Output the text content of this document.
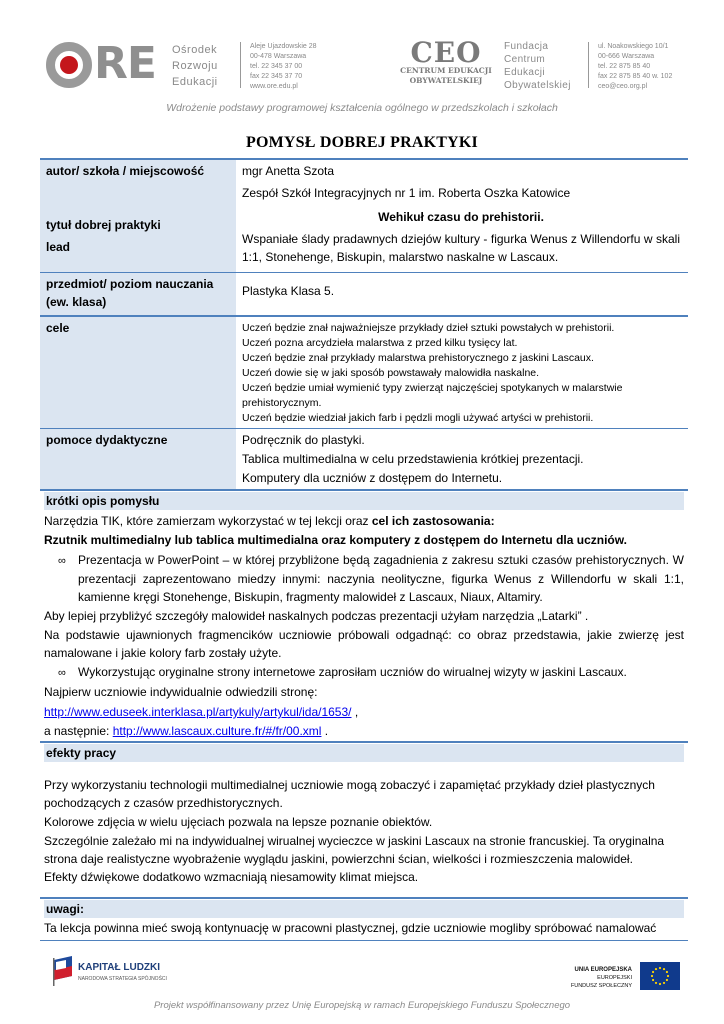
RE Ośrodek
Rozwoju
Edukacji
Aleje Ujazdowskie 28
00-478 Warszawa
tel. 22 345 37 00
fax 22 345 37 70
www.ore.edu.pl
CEO
CENTRUM EDUKACJI
OBYWATELSKIEJ
Fundacja
Centrum
Edukacji
Obywatelskiej
ul. Noakowskiego 10/1
00-666 Warszawa
tel. 22 875 85 40
fax 22 875 85 40 w. 102
ceo@ceo.org.pl
Wdrożenie podstawy programowej kształcenia ogólnego w przedszkolach i szkołach
POMYSŁ DOBREJ PRAKTYKI
autor/ szkoła / miejscowość
tytuł dobrej praktyki
lead

mgr Anetta Szota

Zespół Szkół Integracyjnych nr 1 im. Roberta Oszka Katowice

Wehikuł czasu do prehistorii.

Wspaniałe ślady pradawnych dziejów kultury - figurka Wenus z Willendorfu w skali 1:1, Stonehenge, Biskupin, malarstwo naskalne w Lascaux.

przedmiot/ poziom nauczania
(ew. klasa)

Plastyka Klasa 5.

cele	Uczeń będzie znał najważniejsze przykłady dzieł sztuki powstałych w prehistorii.

Uczeń pozna arcydzieła malarstwa z przed kilku tysięcy lat.

Uczeń będzie znał przykłady malarstwa prehistorycznego z jaskini Lascaux.

Uczeń dowie się w jaki sposób powstawały malowidła naskalne.

Uczeń będzie umiał wymienić typy zwierząt najczęściej spotykanych w malarstwie prehistorycznym.

Uczeń będzie wiedział jakich farb i pędzli mogli używać artyści w prehistorii.

pomoce dydaktyczne	Podręcznik do plastyki.

Tablica multimedialna w celu przedstawienia krótkiej prezentacji.

Komputery dla uczniów z dostępem do Internetu.

krótki opis pomysłu

Narzędzia TIK, które zamierzam wykorzystać w tej lekcji oraz cel ich zastosowania:

Rzutnik multimedialny lub tablica multimedialna oraz komputery z dostępem do Internetu dla uczniów.

∞ Prezentacja w PowerPoint – w której przybliżone będą zagadnienia z zakresu sztuki czasów prehistorycznych. W prezentacji zaprezentowano miedzy innymi: naczynia neolityczne, figurka Wenus z Willendorfu w skali 1:1, kamienne kręgi Stonehenge, Biskupin, fragmenty malowideł z Lascaux, Niaux, Altamiry.

Aby lepiej przybliżyć szczegóły malowideł naskalnych podczas prezentacji użyłam narzędzia „Latarki” .

Na podstawie ujawnionych fragmencików uczniowie próbowali odgadnąć: co obraz przedstawia, jakie zwierzę jest namalowane i jakie kolory farb zostały użyte.

∞ Wykorzystując oryginalne strony internetowe zaprosiłam uczniów do wirualnej wizyty w jaskini Lascaux.

Najpierw uczniowie indywidualnie odwiedzili stronę:

http://www.eduseek.interklasa.pl/artykuly/artykul/ida/1653/ ,

a następnie: http://www.lascaux.culture.fr/#/fr/00.xml .

efekty pracy

Przy wykorzystaniu technologii multimedialnej uczniowie mogą zobaczyć i zapamiętać przykłady dzieł plastycznych pochodzących z czasów przedhistorycznych.

Kolorowe zdjęcia w wielu ujęciach pozwala na lepsze poznanie obiektów.

Szczególnie zależało mi na indywidualnej wirualnej wycieczce w jaskini Lascaux na stronie francuskiej. Ta oryginalna strona daje realistyczne wyobrażenie wyglądu jaskini, powierzchni ścian, wielkości i rozmieszczenia malowideł.

Efekty dźwiękowe dodatkowo wzmacniają niesamowity klimat miejsca.

uwagi:

Ta lekcja powinna mieć swoją kontynuację w pracowni plastycznej, gdzie uczniowie mogliby spróbować namalować

KAPITAŁ LUDZKI
NARODOWA STRATEGIA SPÓJNOŚCI
UNIA EUROPEJSKA
EUROPEJSKI
FUNDUSZ SPOŁECZNY
Projekt współfinansowany przez Unię Europejską w ramach Europejskiego Funduszu Społecznego
